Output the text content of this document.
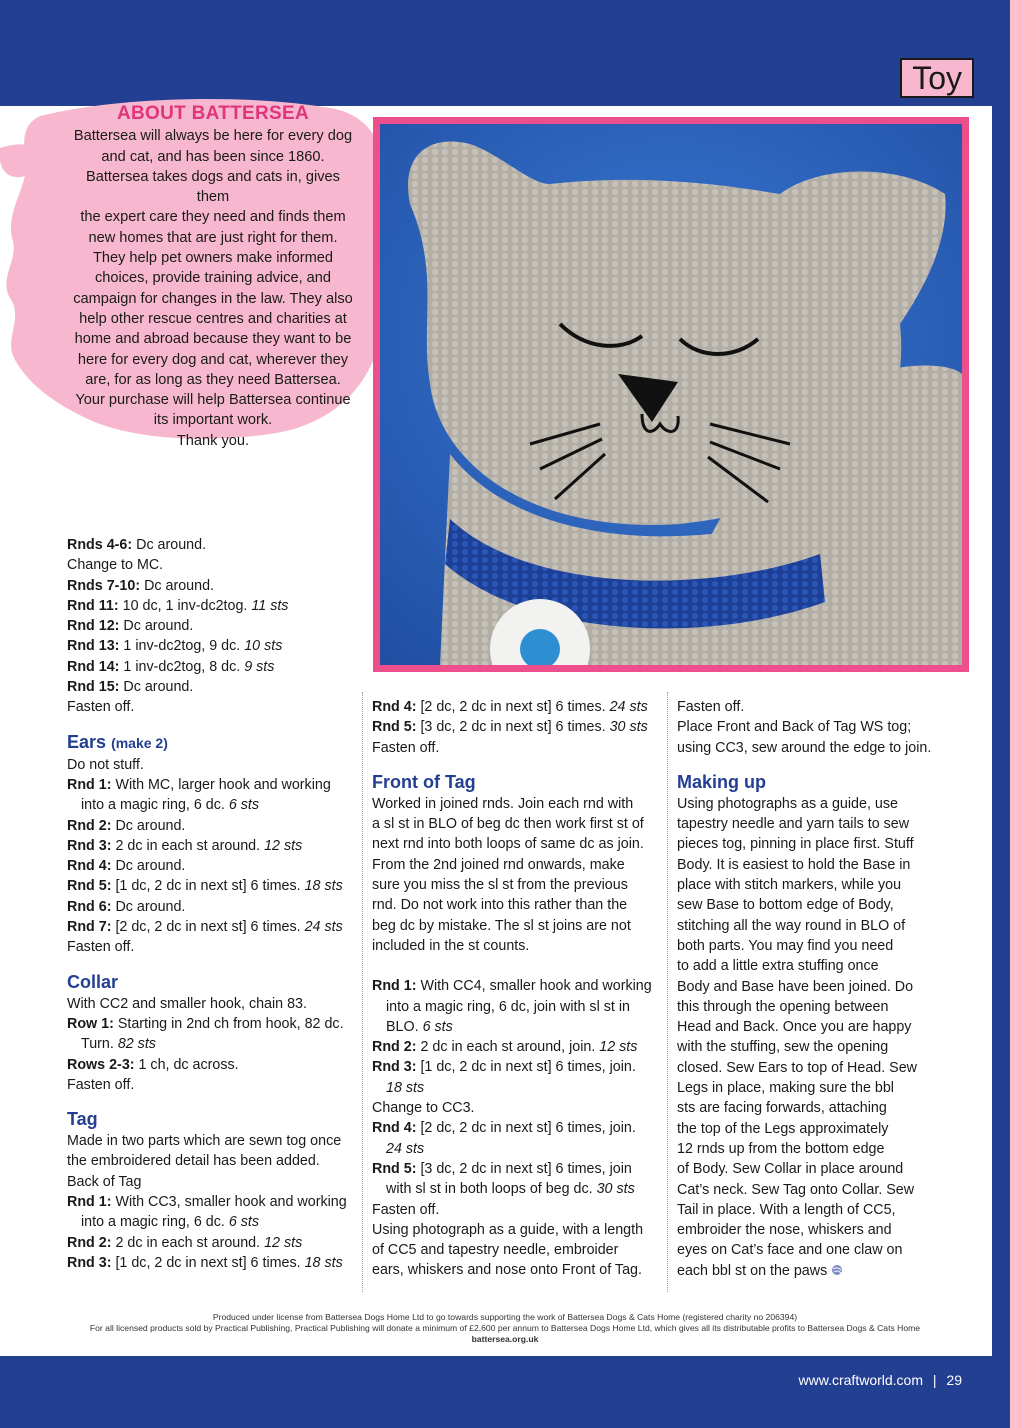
Toy
ABOUT BATTERSEA

Battersea will always be here for every dog

and cat, and has been since 1860.

Battersea takes dogs and cats in, gives them

the expert care they need and finds them

new homes that are just right for them.

They help pet owners make informed

choices, provide training advice, and

campaign for changes in the law. They also

help other rescue centres and charities at

home and abroad because they want to be

here for every dog and cat, wherever they

are, for as long as they need Battersea.

Your purchase will help Battersea continue

its important work.

Thank you.

Rnds 4-6: Dc around.

Change to MC.

Rnds 7-10: Dc around.

Rnd 11: 10 dc, 1 inv-dc2tog. 11 sts

Rnd 12: Dc around.

Rnd 13: 1 inv-dc2tog, 9 dc. 10 sts

Rnd 14: 1 inv-dc2tog, 8 dc. 9 sts

Rnd 15: Dc around.

Fasten off.

Ears (make 2)

Do not stuff.

Rnd 1: With MC, larger hook and working

into a magic ring, 6 dc. 6 sts

Rnd 2: Dc around.

Rnd 3: 2 dc in each st around. 12 sts

Rnd 4: Dc around.

Rnd 5: [1 dc, 2 dc in next st] 6 times. 18 sts

Rnd 6: Dc around.

Rnd 7: [2 dc, 2 dc in next st] 6 times. 24 sts

Fasten off.

Collar

With CC2 and smaller hook, chain 83.

Row 1: Starting in 2nd ch from hook, 82 dc.

Turn. 82 sts

Rows 2-3: 1 ch, dc across.

Fasten off.

Tag

Made in two parts which are sewn tog once

the embroidered detail has been added.

Back of Tag

Rnd 1: With CC3, smaller hook and working

into a magic ring, 6 dc. 6 sts

Rnd 2: 2 dc in each st around. 12 sts

Rnd 3: [1 dc, 2 dc in next st] 6 times. 18 sts

Rnd 4: [2 dc, 2 dc in next st] 6 times. 24 sts

Rnd 5: [3 dc, 2 dc in next st] 6 times. 30 sts

Fasten off.

Front of Tag

Worked in joined rnds. Join each rnd with

a sl st in BLO of beg dc then work first st of

next rnd into both loops of same dc as join.

From the 2nd joined rnd onwards, make

sure you miss the sl st from the previous

rnd. Do not work into this rather than the

beg dc by mistake. The sl st joins are not

included in the st counts.

Rnd 1: With CC4, smaller hook and working

into a magic ring, 6 dc, join with sl st in

BLO. 6 sts

Rnd 2: 2 dc in each st around, join. 12 sts

Rnd 3: [1 dc, 2 dc in next st] 6 times, join.

18 sts

Change to CC3.

Rnd 4: [2 dc, 2 dc in next st] 6 times, join.

24 sts

Rnd 5: [3 dc, 2 dc in next st] 6 times, join

with sl st in both loops of beg dc. 30 sts

Fasten off.

Using photograph as a guide, with a length

of CC5 and tapestry needle, embroider

ears, whiskers and nose onto Front of Tag.

Fasten off.

Place Front and Back of Tag WS tog;

using CC3, sew around the edge to join.

Making up

Using photographs as a guide, use

tapestry needle and yarn tails to sew

pieces tog, pinning in place first. Stuff

Body. It is easiest to hold the Base in

place with stitch markers, while you

sew Base to bottom edge of Body,

stitching all the way round in BLO of

both parts. You may find you need

to add a little extra stuffing once

Body and Base have been joined. Do

this through the opening between

Head and Back. Once you are happy

with the stuffing, sew the opening

closed. Sew Ears to top of Head. Sew

Legs in place, making sure the bbl

sts are facing forwards, attaching

the top of the Legs approximately

12 rnds up from the bottom edge

of Body. Sew Collar in place around

Cat’s neck. Sew Tag onto Collar. Sew

Tail in place. With a length of CC5,

embroider the nose, whiskers and

eyes on Cat’s face and one claw on

each bbl st on the paws

Produced under license from Battersea Dogs Home Ltd to go towards supporting the work of Battersea Dogs & Cats Home (registered charity no 206394)

For all licensed products sold by Practical Publishing, Practical Publishing will donate a minimum of £2,600 per annum to Battersea Dogs Home Ltd, which gives all its distributable profits to Battersea Dogs & Cats Home

battersea.org.uk

www.craftworld.com | 29
